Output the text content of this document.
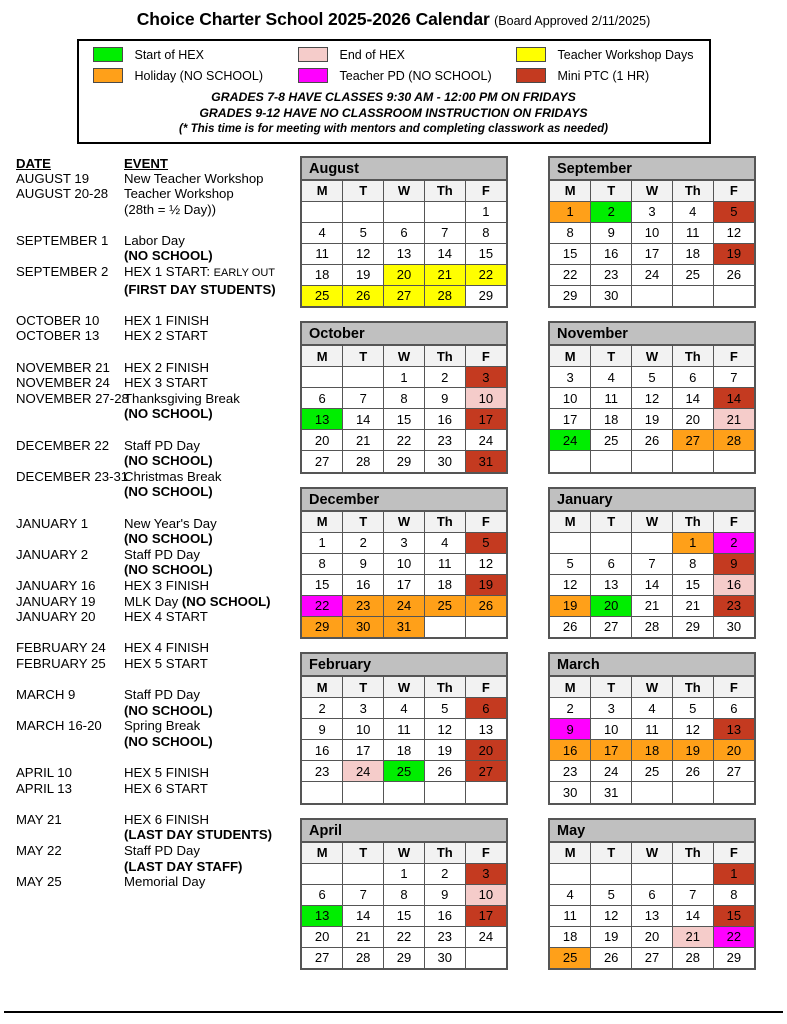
Choice Charter School 2025-2026 Calendar (Board Approved 2/11/2025)
Start of HEX	End of HEX	Teacher Workshop Days
Holiday (NO SCHOOL)	Teacher PD (NO SCHOOL)	Mini PTC (1 HR)
GRADES 7-8 HAVE CLASSES 9:30 AM - 12:00 PM ON FRIDAYS
GRADES 9-12 HAVE NO CLASSROOM INSTRUCTION ON FRIDAYS
(* This time is for meeting with mentors and completing classwork as needed)
DATE	EVENT
AUGUST 19	New Teacher Workshop
AUGUST 20-28	Teacher Workshop
(28th = ½ Day))
SEPTEMBER 1	Labor Day
(NO SCHOOL)
SEPTEMBER 2	HEX 1 START: EARLY OUT
(FIRST DAY STUDENTS)
OCTOBER 10	HEX 1 FINISH
OCTOBER 13	HEX 2 START
NOVEMBER 21	HEX 2 FINISH
NOVEMBER 24	HEX 3 START
NOVEMBER 27-28
Thanksgiving Break
(NO SCHOOL)
DECEMBER 22	Staff PD Day
(NO SCHOOL)
DECEMBER 23-31
Christmas Break
(NO SCHOOL)
JANUARY 1	New Year's Day
(NO SCHOOL)
JANUARY 2	Staff PD Day
(NO SCHOOL)
JANUARY 16	HEX 3 FINISH
JANUARY 19	MLK Day (NO SCHOOL)
JANUARY 20	HEX 4 START
FEBRUARY 24	HEX 4 FINISH
FEBRUARY 25	HEX 5 START
MARCH 9	Staff PD Day
(NO SCHOOL)
MARCH 16-20	Spring Break
(NO SCHOOL)
APRIL 10	HEX 5 FINISH
APRIL 13	HEX 6 START
MAY 21	HEX 6 FINISH
(LAST DAY STUDENTS)
MAY 22	Staff PD Day
(LAST DAY STAFF)
MAY 25	Memorial Day
August
M	T	W	Th	F
				1
4	5	6	7	8
11	12	13	14	15
18	19	20	21	22
25	26	27	28	29
September
M	T	W	Th	F
1	2	3	4	5
8	9	10	11	12
15	16	17	18	19
22	23	24	25	26
29	30			
October
M	T	W	Th	F
		1	2	3
6	7	8	9	10
13	14	15	16	17
20	21	22	23	24
27	28	29	30	31
November
M	T	W	Th	F
3	4	5	6	7
10	11	12	14	14
17	18	19	20	21
24	25	26	27	28

December
M	T	W	Th	F
1	2	3	4	5
8	9	10	11	12
15	16	17	18	19
22	23	24	25	26
29	30	31		
January
M	T	W	Th	F
			1	2
5	6	7	8	9
12	13	14	15	16
19	20	21	21	23
26	27	28	29	30
February
M	T	W	Th	F
2	3	4	5	6
9	10	11	12	13
16	17	18	19	20
23	24	25	26	27

March
M	T	W	Th	F
2	3	4	5	6
9	10	11	12	13
16	17	18	19	20
23	24	25	26	27
30	31			
April
M	T	W	Th	F
		1	2	3
6	7	8	9	10
13	14	15	16	17
20	21	22	23	24
27	28	29	30	
May
M	T	W	Th	F
				1
4	5	6	7	8
11	12	13	14	15
18	19	20	21	22
25	26	27	28	29
